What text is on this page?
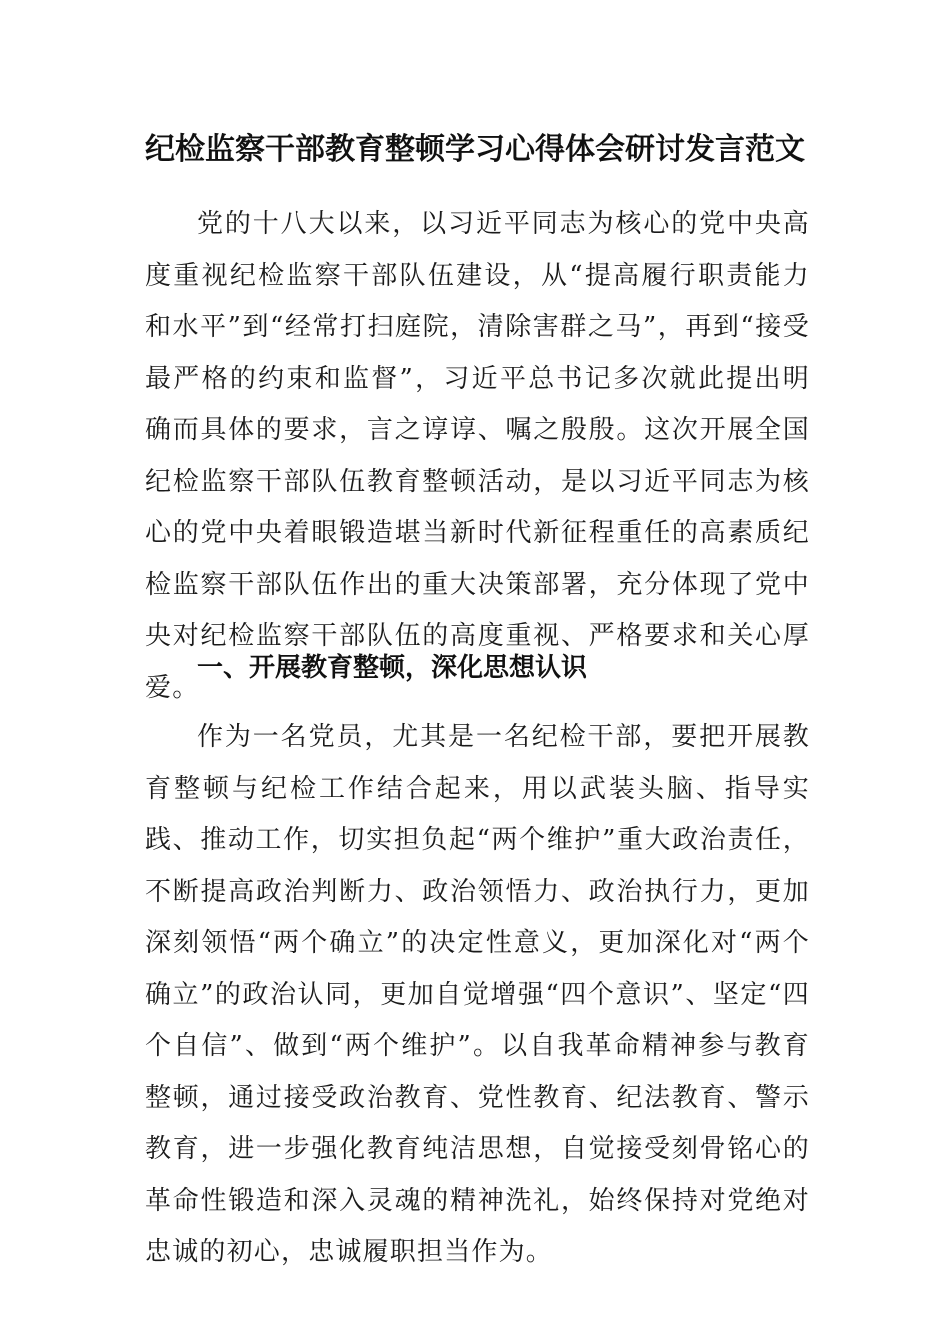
纪检监察干部教育整顿学习心得体会研讨发言范文

党的十八大以来，以习近平同志为核心的党中央高度重视纪检监察干部队伍建设，从“提高履行职责能力和水平”到“经常打扫庭院，清除害群之马”，再到“接受最严格的约束和监督”，习近平总书记多次就此提出明确而具体的要求，言之谆谆、嘱之殷殷。这次开展全国纪检监察干部队伍教育整顿活动，是以习近平同志为核心的党中央着眼锻造堪当新时代新征程重任的高素质纪检监察干部队伍作出的重大决策部署，充分体现了党中央对纪检监察干部队伍的高度重视、严格要求和关心厚爱。

一、开展教育整顿，深化思想认识

作为一名党员，尤其是一名纪检干部，要把开展教育整顿与纪检工作结合起来，用以武装头脑、指导实践、推动工作，切实担负起“两个维护”重大政治责任，不断提高政治判断力、政治领悟力、政治执行力，更加深刻领悟“两个确立”的决定性意义，更加深化对“两个确立”的政治认同，更加自觉增强“四个意识”、坚定“四个自信”、做到“两个维护”。以自我革命精神参与教育整顿，通过接受政治教育、党性教育、纪法教育、警示教育，进一步强化教育纯洁思想，自觉接受刻骨铭心的革命性锻造和深入灵魂的精神洗礼，始终保持对党绝对忠诚的初心，忠诚履职担当作为。
